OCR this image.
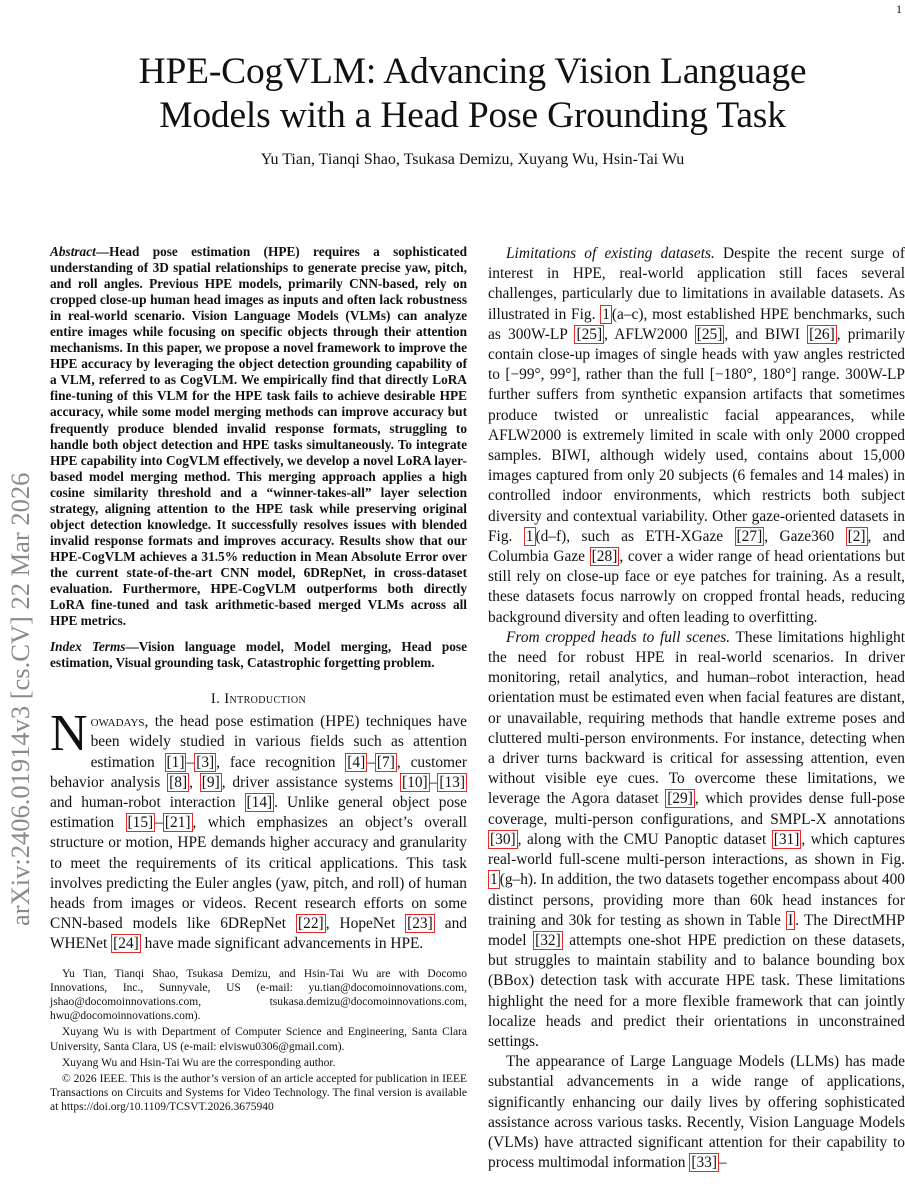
1
arXiv:2406.01914v3 [cs.CV] 22 Mar 2026
HPE-CogVLM: Advancing Vision Language
Models with a Head Pose Grounding Task
Yu Tian, Tianqi Shao, Tsukasa Demizu, Xuyang Wu, Hsin-Tai Wu

Abstract—Head pose estimation (HPE) requires a sophisticated understanding of 3D spatial relationships to generate precise yaw, pitch, and roll angles. Previous HPE models, primarily CNN-based, rely on cropped close-up human head images as inputs and often lack robustness in real-world scenario. Vision Language Models (VLMs) can analyze entire images while focusing on specific objects through their attention mechanisms. In this paper, we propose a novel framework to improve the HPE accuracy by leveraging the object detection grounding capability of a VLM, referred to as CogVLM. We empirically find that directly LoRA fine-tuning of this VLM for the HPE task fails to achieve desirable HPE accuracy, while some model merging methods can improve accuracy but frequently produce blended invalid response formats, struggling to handle both object detection and HPE tasks simultaneously. To integrate HPE capability into CogVLM effectively, we develop a novel LoRA layer-based model merging method. This merging approach applies a high cosine similarity threshold and a “winner-takes-all” layer selection strategy, aligning attention to the HPE task while preserving original object detection knowledge. It successfully resolves issues with blended invalid response formats and improves accuracy. Results show that our HPE-CogVLM achieves a 31.5% reduction in Mean Absolute Error over the current state-of-the-art CNN model, 6DRepNet, in cross-dataset evaluation. Furthermore, HPE-CogVLM outperforms both directly LoRA fine-tuned and task arithmetic-based merged VLMs across all HPE metrics.

Index Terms—Vision language model, Model merging, Head pose estimation, Visual grounding task, Catastrophic forgetting problem.

I. Introduction

Nowadays, the head pose estimation (HPE) techniques have been widely studied in various fields such as attention estimation [1] – [3] , face recognition [4] – [7] , customer behavior analysis [8] , [9] , driver assistance systems [10] – [13] and human-robot interaction [14] . Unlike general object pose estimation [15] – [21] , which emphasizes an object’s overall structure or motion, HPE demands higher accuracy and granularity to meet the requirements of its critical applications. This task involves predicting the Euler angles (yaw, pitch, and roll) of human heads from images or videos. Recent research efforts on some CNN-based models like 6DRepNet [22] , HopeNet [23] and WHENet [24] have made significant advancements in HPE.

Yu Tian, Tianqi Shao, Tsukasa Demizu, and Hsin-Tai Wu are with Docomo Innovations, Inc., Sunnyvale, US (e-mail: yu.tian@docomoinnovations.com, jshao@docomoinnovations.com, tsukasa.demizu@docomoinnovations.com, hwu@docomoinnovations.com).

Xuyang Wu is with Department of Computer Science and Engineering, Santa Clara University, Santa Clara, US (e-mail: elviswu0306@gmail.com).

Xuyang Wu and Hsin-Tai Wu are the corresponding author.

© 2026 IEEE. This is the author’s version of an article accepted for publication in IEEE Transactions on Circuits and Systems for Video Technology. The final version is available at https://doi.org/10.1109/TCSVT.2026.3675940

Limitations of existing datasets. Despite the recent surge of interest in HPE, real-world application still faces several challenges, particularly due to limitations in available datasets. As illustrated in Fig. 1 (a–c), most established HPE benchmarks, such as 300W-LP [25] , AFLW2000 [25] , and BIWI [26] , primarily contain close-up images of single heads with yaw angles restricted to [−99°, 99°], rather than the full [−180°, 180°] range. 300W-LP further suffers from synthetic expansion artifacts that sometimes produce twisted or unrealistic facial appearances, while AFLW2000 is extremely limited in scale with only 2000 cropped samples. BIWI, although widely used, contains about 15,000 images captured from only 20 subjects (6 females and 14 males) in controlled indoor environments, which restricts both subject diversity and contextual variability. Other gaze-oriented datasets in Fig. 1 (d–f), such as ETH-XGaze [27] , Gaze360 [2] , and Columbia Gaze [28] , cover a wider range of head orientations but still rely on close-up face or eye patches for training. As a result, these datasets focus narrowly on cropped frontal heads, reducing background diversity and often leading to overfitting.

From cropped heads to full scenes. These limitations highlight the need for robust HPE in real-world scenarios. In driver monitoring, retail analytics, and human–robot interaction, head orientation must be estimated even when facial features are distant, or unavailable, requiring methods that handle extreme poses and cluttered multi-person environments. For instance, detecting when a driver turns backward is critical for assessing attention, even without visible eye cues. To overcome these limitations, we leverage the Agora dataset [29] , which provides dense full-pose coverage, multi-person configurations, and SMPL-X annotations [30] , along with the CMU Panoptic dataset [31] , which captures real-world full-scene multi-person interactions, as shown in Fig. 1 (g–h). In addition, the two datasets together encompass about 400 distinct persons, providing more than 60k head instances for training and 30k for testing as shown in Table I . The DirectMHP model [32] attempts one-shot HPE prediction on these datasets, but struggles to maintain stability and to balance bounding box (BBox) detection task with accurate HPE task. These limitations highlight the need for a more flexible framework that can jointly localize heads and predict their orientations in unconstrained settings.

The appearance of Large Language Models (LLMs) has made substantial advancements in a wide range of applications, significantly enhancing our daily lives by offering sophisticated assistance across various tasks. Recently, Vision Language Models (VLMs) have attracted significant attention for their capability to process multimodal information [33] –
